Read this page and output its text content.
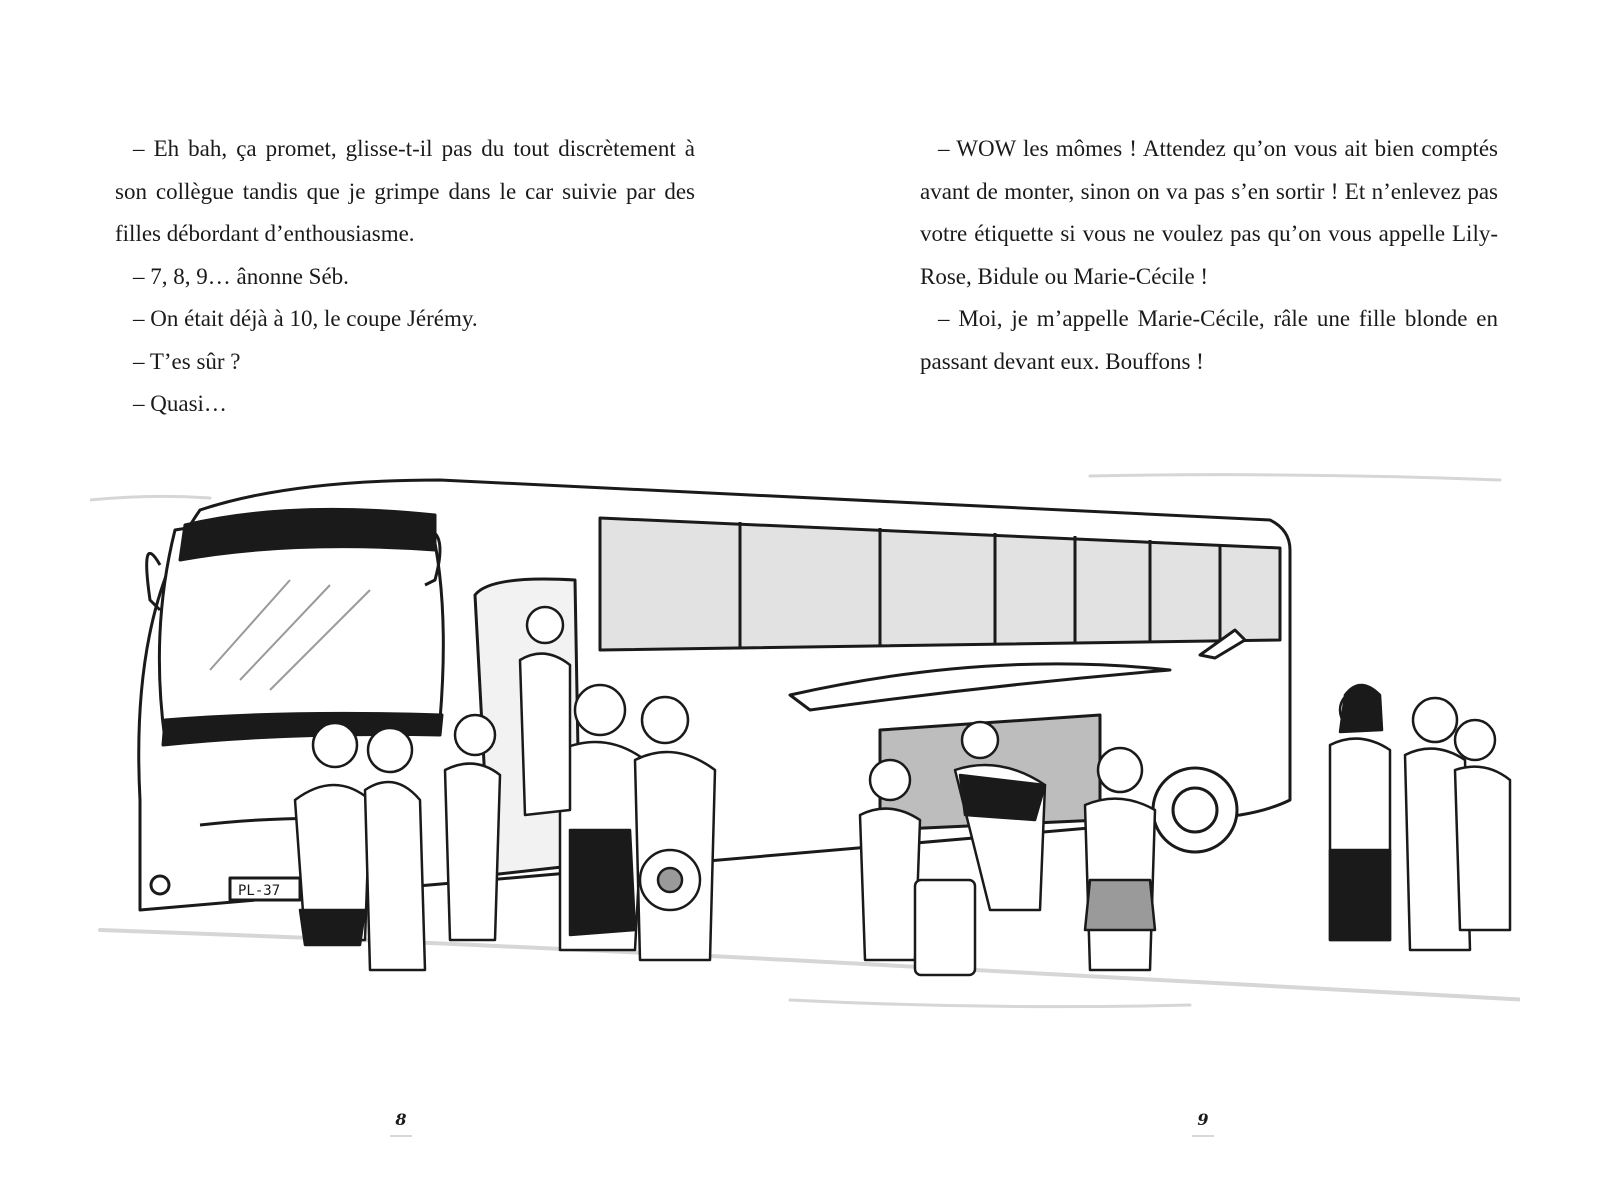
– Eh bah, ça promet, glisse-t-il pas du tout discrètement à son collègue tandis que je grimpe dans le car suivie par des filles débordant d’enthousiasme.

– 7, 8, 9… ânonne Séb.

– On était déjà à 10, le coupe Jérémy.

– T’es sûr ?

– Quasi…

8

– WOW les mômes ! Attendez qu’on vous ait bien comptés avant de monter, sinon on va pas s’en sortir ! Et n’enlevez pas votre étiquette si vous ne voulez pas qu’on vous appelle Lily-Rose, Bidule ou Marie-Cécile !

– Moi, je m’appelle Marie-Cécile, râle une fille blonde en passant devant eux. Bouffons !

9
PL-37
